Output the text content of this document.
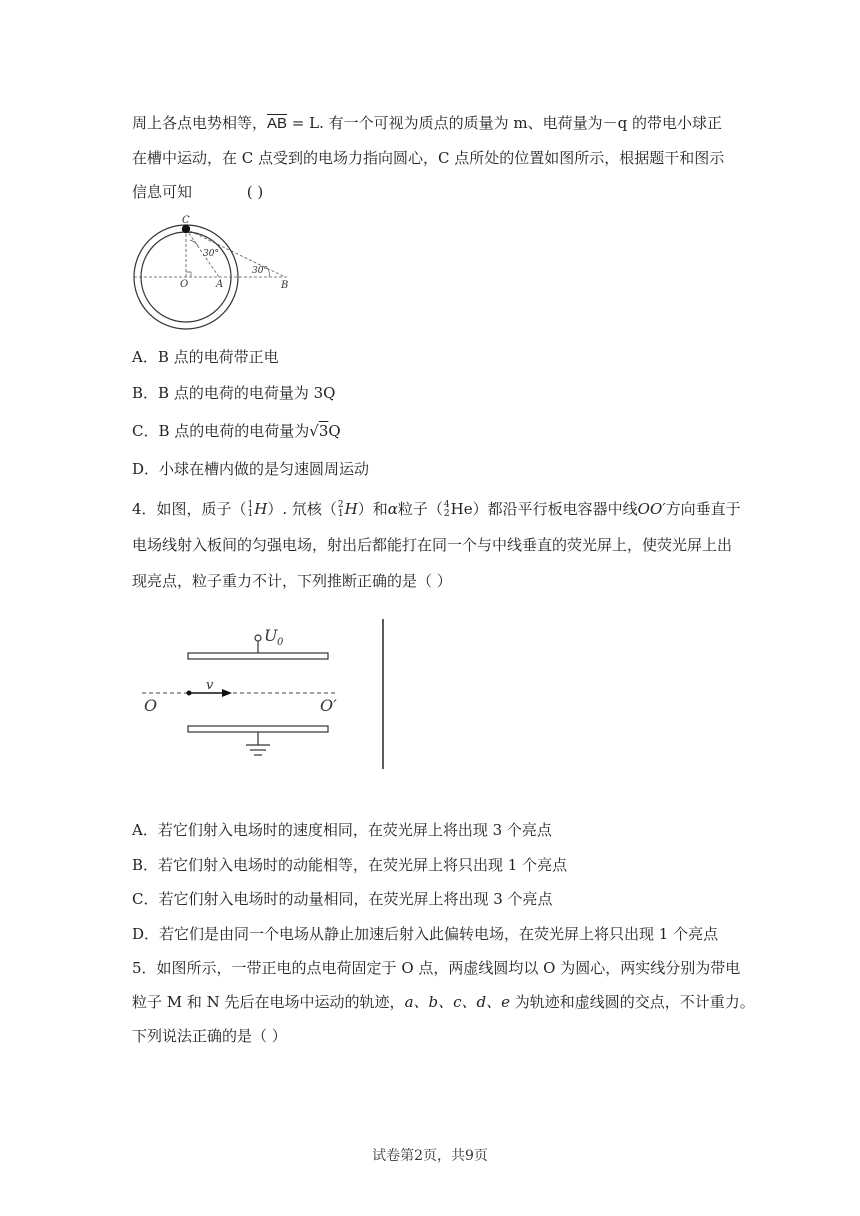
周上各点电势相等，$\overline{AB} = L$. 有一个可视为质点的质量为 m、电荷量为－q 的带电小球正
在槽中运动，在 C 点受到的电场力指向圆心，C 点所处的位置如图所示，根据题干和图示
信息可知	( )
C
30°
30°
O	A	B
A．B 点的电荷带正电
B．B 点的电荷的电荷量为 3Q
C．B 点的电荷的电荷量为√3Q
D．小球在槽内做的是匀速圆周运动
4．如图，质子（1
1H）. 氘核（2
1H）和α粒子（4
2He）都沿平行板电容器中线OO′方向垂直于
电场线射入板间的匀强电场，射出后都能打在同一个与中线垂直的荧光屏上，使荧光屏上出
现亮点，粒子重力不计，下列推断正确的是（ ）
U 0
v
O	O′
A．若它们射入电场时的速度相同，在荧光屏上将出现 3 个亮点
B．若它们射入电场时的动能相等，在荧光屏上将只出现 1 个亮点
C．若它们射入电场时的动量相同，在荧光屏上将出现 3 个亮点
D．若它们是由同一个电场从静止加速后射入此偏转电场，在荧光屏上将只出现 1 个亮点
5．如图所示，一带正电的点电荷固定于 O 点，两虚线圆均以 O 为圆心，两实线分别为带电
粒子 M 和 N 先后在电场中运动的轨迹，a、b、c、d、e 为轨迹和虚线圆的交点，不计重力。
下列说法正确的是（ ）
试卷第2页，共9页
